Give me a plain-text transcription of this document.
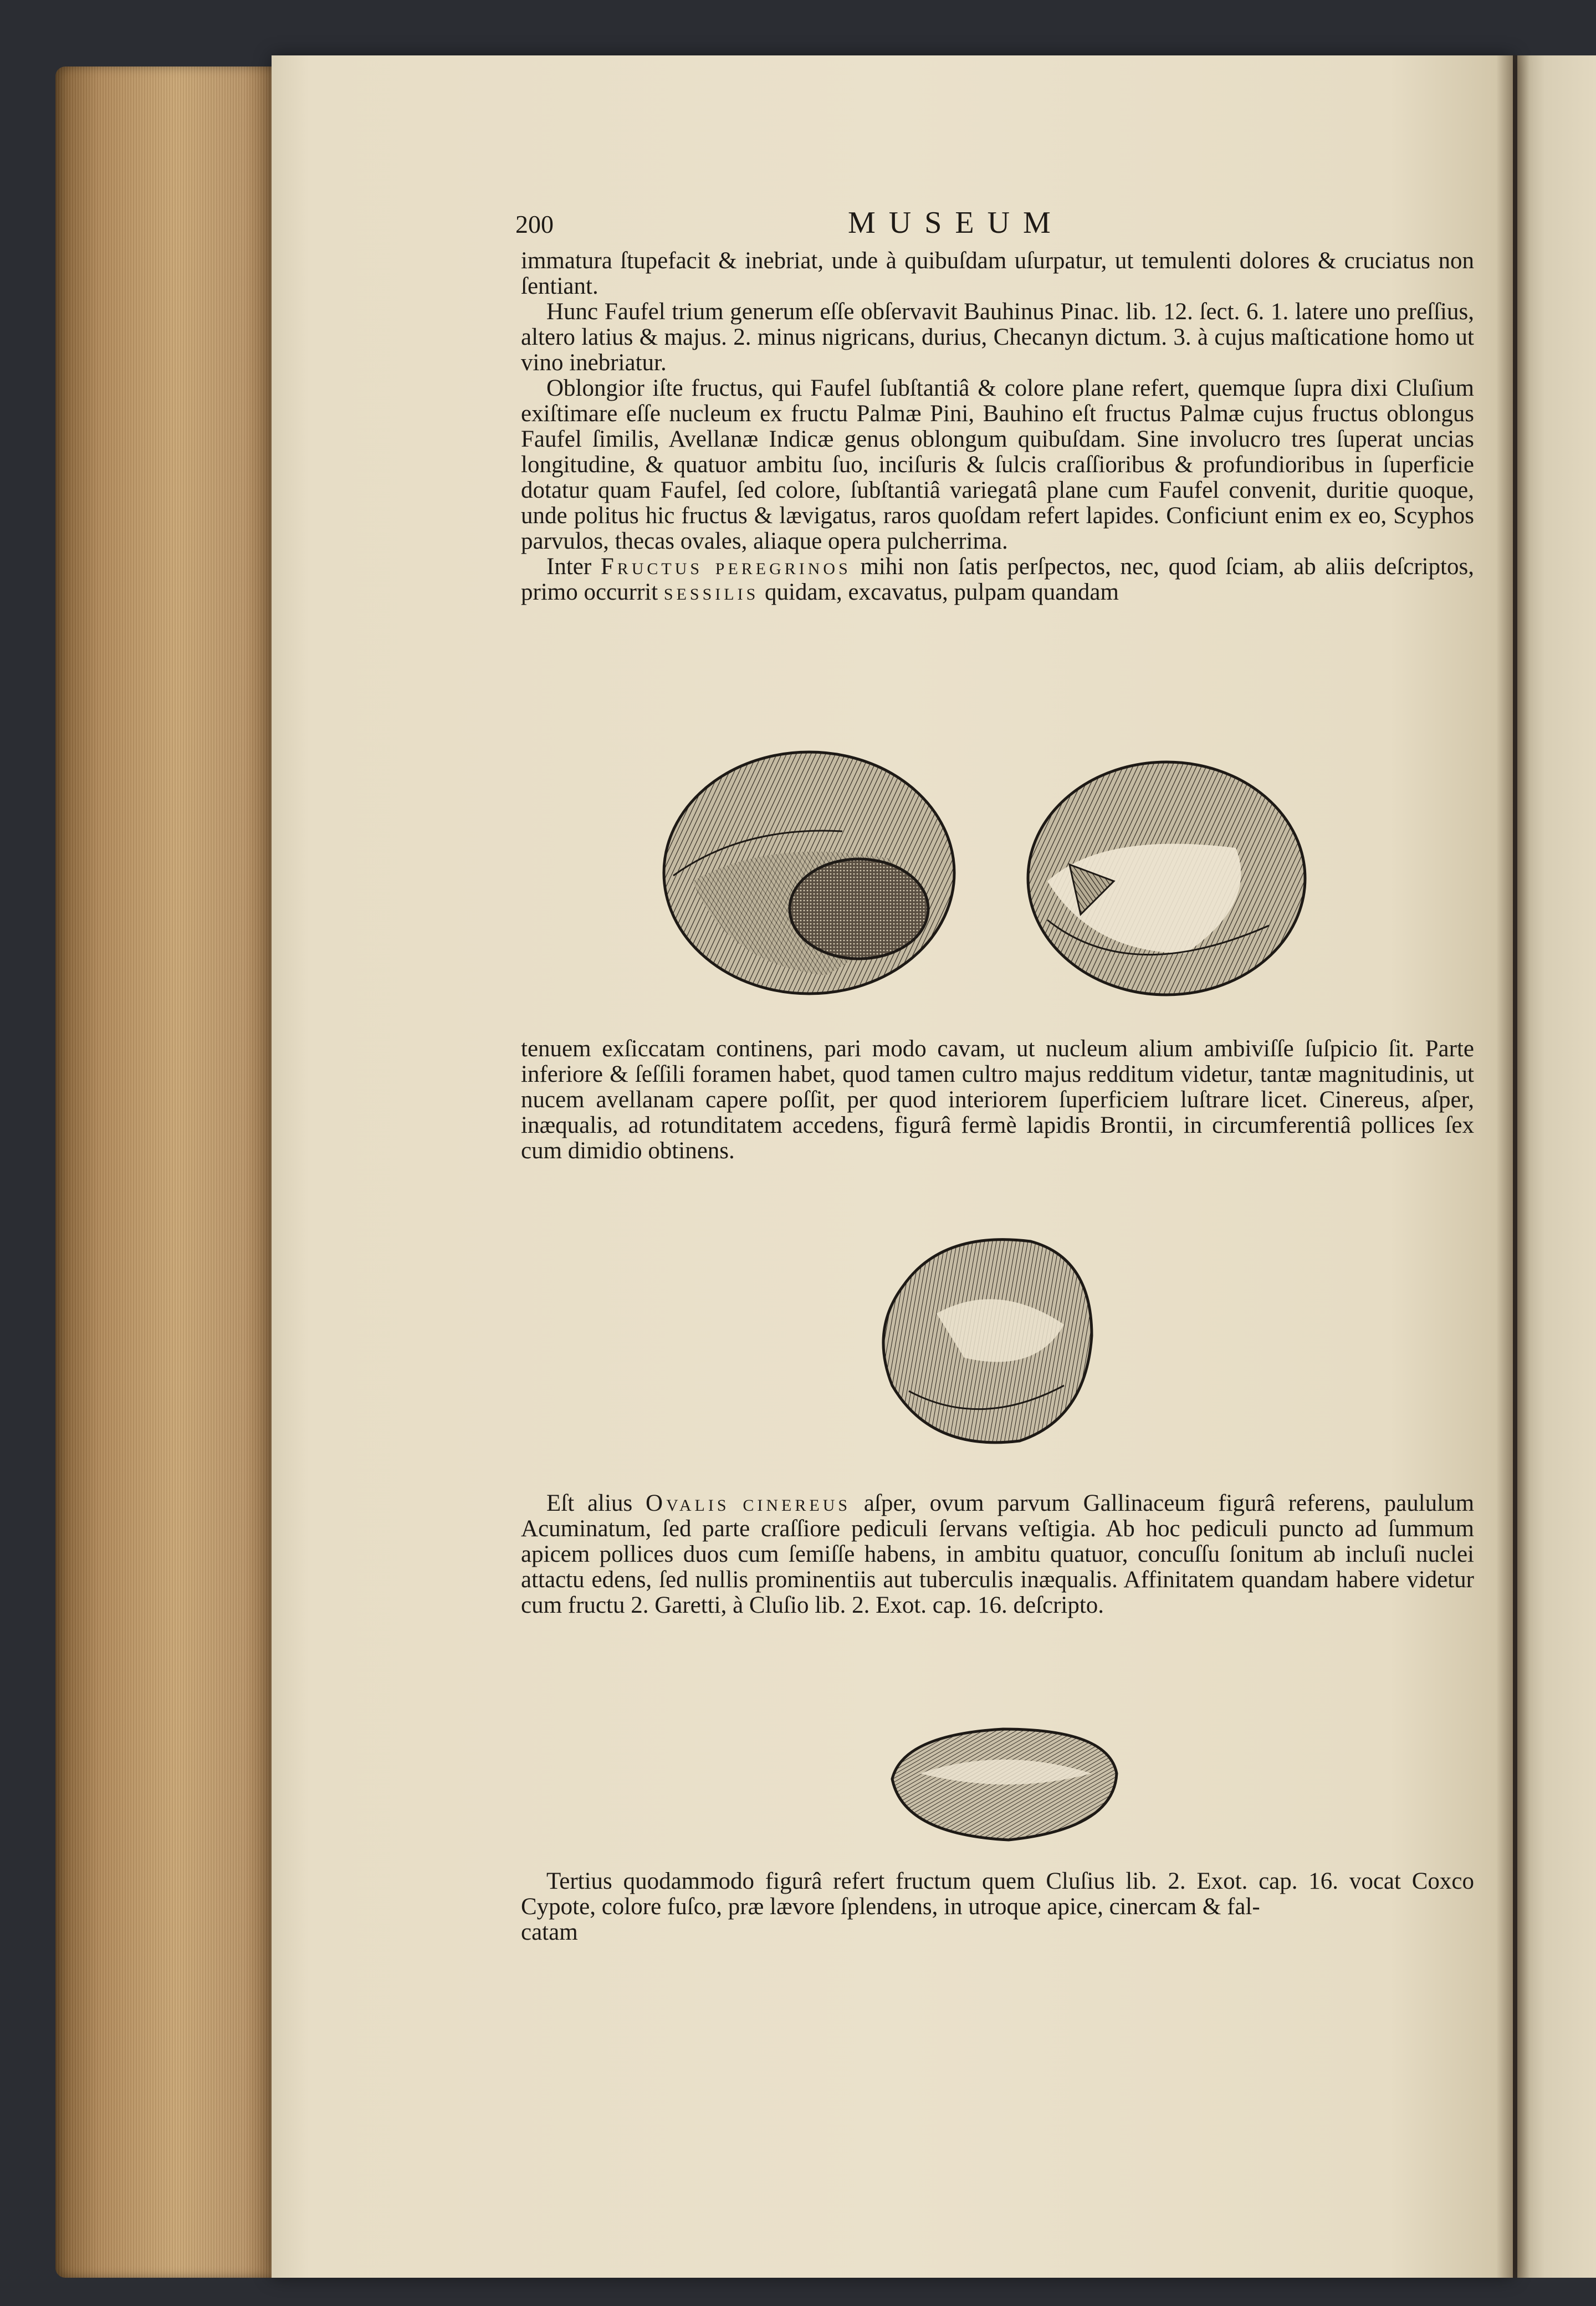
200	MUSEUM

immatura ſtupefacit & inebriat, unde à quibuſdam uſurpatur, ut temulenti dolores & cruciatus non ſentiant.

Hunc Faufel trium generum eſſe obſervavit Bauhinus Pinac. lib. 12. ſect. 6. 1. latere uno preſſius, altero latius & majus. 2. minus nigricans, durius, Checanyn dictum. 3. à cujus maſticatione homo ut vino inebriatur.

Oblongior iſte fructus, qui Faufel ſubſtantiâ & colore plane refert, quemque ſupra dixi Cluſium exiſtimare eſſe nucleum ex fructu Palmæ Pini, Bauhino eſt fructus Palmæ cujus fructus oblongus Faufel ſimilis, Avellanæ Indicæ genus oblongum quibuſdam. Sine involucro tres ſuperat uncias longitudine, & quatuor ambitu ſuo, inciſuris & ſulcis craſſioribus & profundioribus in ſuperficie dotatur quam Faufel, ſed colore, ſubſtantiâ variegatâ plane cum Faufel convenit, duritie quoque, unde politus hic fructus & lævigatus, raros quoſdam refert lapides. Conficiunt enim ex eo, Scyphos parvulos, thecas ovales, aliaque opera pulcherrima.

Inter Fructus peregrinos mihi non ſatis perſpectos, nec, quod ſciam, ab aliis deſcriptos, primo occurrit sessilis quidam, excavatus, pulpam quandam

tenuem exſiccatam continens, pari modo cavam, ut nucleum alium ambiviſſe ſuſpicio ſit. Parte inferiore & ſeſſili foramen habet, quod tamen cultro majus redditum videtur, tantæ magnitudinis, ut nucem avellanam capere poſſit, per quod interiorem ſuperficiem luſtrare licet. Cinereus, aſper, inæqualis, ad rotunditatem accedens, figurâ fermè lapidis Brontii, in circumferentiâ pollices ſex cum dimidio obtinens.

Eſt alius Ovalis cinereus aſper, ovum parvum Gallinaceum figurâ referens, paululum Acuminatum, ſed parte craſſiore pediculi ſervans veſtigia. Ab hoc pediculi puncto ad ſummum apicem pollices duos cum ſemiſſe habens, in ambitu quatuor, concuſſu ſonitum ab incluſi nuclei attactu edens, ſed nullis prominentiis aut tuberculis inæqualis. Affinitatem quandam habere videtur cum fructu 2. Garetti, à Cluſio lib. 2. Exot. cap. 16. deſcripto.

Tertius quodammodo figurâ refert fructum quem Cluſius lib. 2. Exot. cap. 16. vocat Coxco Cypote, colore fuſco, præ lævore ſplendens, in utroque apice, cinercam & fal-

catam
